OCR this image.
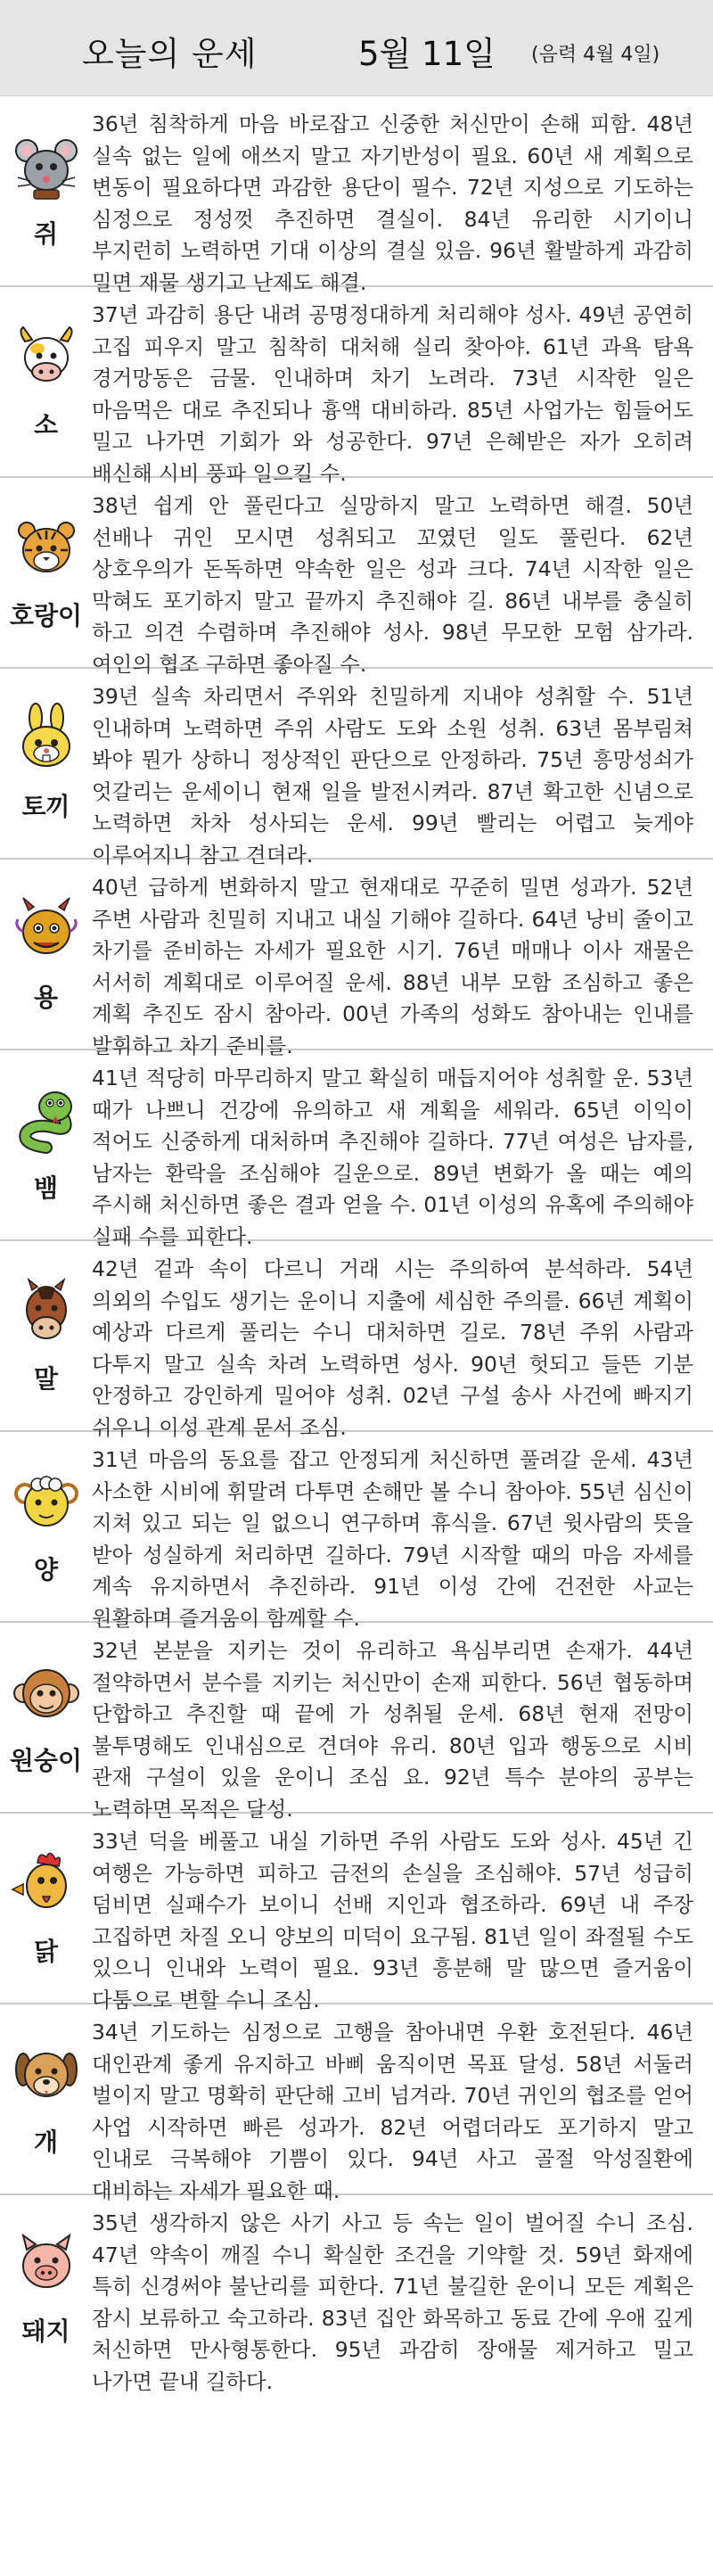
오늘의 운세	5월 11일 (음력 4월 4일)
쥐
36년 침착하게 마음 바로잡고 신중한 처신만이 손해 피함. 48년 실속 없는 일에 애쓰지 말고 자기반성이 필요. 60년 새 계획으로 변동이 필요하다면 과감한 용단이 필수. 72년 지성으로 기도하는 심정으로 정성껏 추진하면 결실이. 84년 유리한 시기이니 부지런히 노력하면 기대 이상의 결실 있음. 96년 활발하게 과감히 밀면 재물 생기고 난제도 해결.
소
37년 과감히 용단 내려 공명정대하게 처리해야 성사. 49년 공연히 고집 피우지 말고 침착히 대처해 실리 찾아야. 61년 과욕 탐욕 경거망동은 금물. 인내하며 차기 노려라. 73년 시작한 일은 마음먹은 대로 추진되나 흉액 대비하라. 85년 사업가는 힘들어도 밀고 나가면 기회가 와 성공한다. 97년 은혜받은 자가 오히려 배신해 시비 풍파 일으킬 수.
호랑이
38년 쉽게 안 풀린다고 실망하지 말고 노력하면 해결. 50년 선배나 귀인 모시면 성취되고 꼬였던 일도 풀린다. 62년 상호우의가 돈독하면 약속한 일은 성과 크다. 74년 시작한 일은 막혀도 포기하지 말고 끝까지 추진해야 길. 86년 내부를 충실히 하고 의견 수렴하며 추진해야 성사. 98년 무모한 모험 삼가라. 여인의 협조 구하면 좋아질 수.
토끼
39년 실속 차리면서 주위와 친밀하게 지내야 성취할 수. 51년 인내하며 노력하면 주위 사람도 도와 소원 성취. 63년 몸부림쳐 봐야 뭔가 상하니 정상적인 판단으로 안정하라. 75년 흥망성쇠가 엇갈리는 운세이니 현재 일을 발전시켜라. 87년 확고한 신념으로 노력하면 차차 성사되는 운세. 99년 빨리는 어렵고 늦게야 이루어지니 참고 견뎌라.
용
40년 급하게 변화하지 말고 현재대로 꾸준히 밀면 성과가. 52년 주변 사람과 친밀히 지내고 내실 기해야 길하다. 64년 낭비 줄이고 차기를 준비하는 자세가 필요한 시기. 76년 매매나 이사 재물은 서서히 계획대로 이루어질 운세. 88년 내부 모함 조심하고 좋은 계획 추진도 잠시 참아라. 00년 가족의 성화도 참아내는 인내를 발휘하고 차기 준비를.
뱀
41년 적당히 마무리하지 말고 확실히 매듭지어야 성취할 운. 53년 때가 나쁘니 건강에 유의하고 새 계획을 세워라. 65년 이익이 적어도 신중하게 대처하며 추진해야 길하다. 77년 여성은 남자를, 남자는 환락을 조심해야 길운으로. 89년 변화가 올 때는 예의 주시해 처신하면 좋은 결과 얻을 수. 01년 이성의 유혹에 주의해야 실패 수를 피한다.
말
42년 겉과 속이 다르니 거래 시는 주의하여 분석하라. 54년 의외의 수입도 생기는 운이니 지출에 세심한 주의를. 66년 계획이 예상과 다르게 풀리는 수니 대처하면 길로. 78년 주위 사람과 다투지 말고 실속 차려 노력하면 성사. 90년 헛되고 들뜬 기분 안정하고 강인하게 밀어야 성취. 02년 구설 송사 사건에 빠지기 쉬우니 이성 관계 문서 조심.
양
31년 마음의 동요를 잡고 안정되게 처신하면 풀려갈 운세. 43년 사소한 시비에 휘말려 다투면 손해만 볼 수니 참아야. 55년 심신이 지쳐 있고 되는 일 없으니 연구하며 휴식을. 67년 윗사람의 뜻을 받아 성실하게 처리하면 길하다. 79년 시작할 때의 마음 자세를 계속 유지하면서 추진하라. 91년 이성 간에 건전한 사교는 원활하며 즐거움이 함께할 수.
원숭이
32년 본분을 지키는 것이 유리하고 욕심부리면 손재가. 44년 절약하면서 분수를 지키는 처신만이 손재 피한다. 56년 협동하며 단합하고 추진할 때 끝에 가 성취될 운세. 68년 현재 전망이 불투명해도 인내심으로 견뎌야 유리. 80년 입과 행동으로 시비 관재 구설이 있을 운이니 조심 요. 92년 특수 분야의 공부는 노력하면 목적은 달성.
닭
33년 덕을 베풀고 내실 기하면 주위 사람도 도와 성사. 45년 긴 여행은 가능하면 피하고 금전의 손실을 조심해야. 57년 성급히 덤비면 실패수가 보이니 선배 지인과 협조하라. 69년 내 주장 고집하면 차질 오니 양보의 미덕이 요구됨. 81년 일이 좌절될 수도 있으니 인내와 노력이 필요. 93년 흥분해 말 많으면 즐거움이 다툼으로 변할 수니 조심.
개
34년 기도하는 심정으로 고행을 참아내면 우환 호전된다. 46년 대인관계 좋게 유지하고 바삐 움직이면 목표 달성. 58년 서둘러 벌이지 말고 명확히 판단해 고비 넘겨라. 70년 귀인의 협조를 얻어 사업 시작하면 빠른 성과가. 82년 어렵더라도 포기하지 말고 인내로 극복해야 기쁨이 있다. 94년 사고 골절 악성질환에 대비하는 자세가 필요한 때.
돼지
35년 생각하지 않은 사기 사고 등 속는 일이 벌어질 수니 조심. 47년 약속이 깨질 수니 확실한 조건을 기약할 것. 59년 화재에 특히 신경써야 불난리를 피한다. 71년 불길한 운이니 모든 계획은 잠시 보류하고 숙고하라. 83년 집안 화목하고 동료 간에 우애 깊게 처신하면 만사형통한다. 95년 과감히 장애물 제거하고 밀고 나가면 끝내 길하다.
